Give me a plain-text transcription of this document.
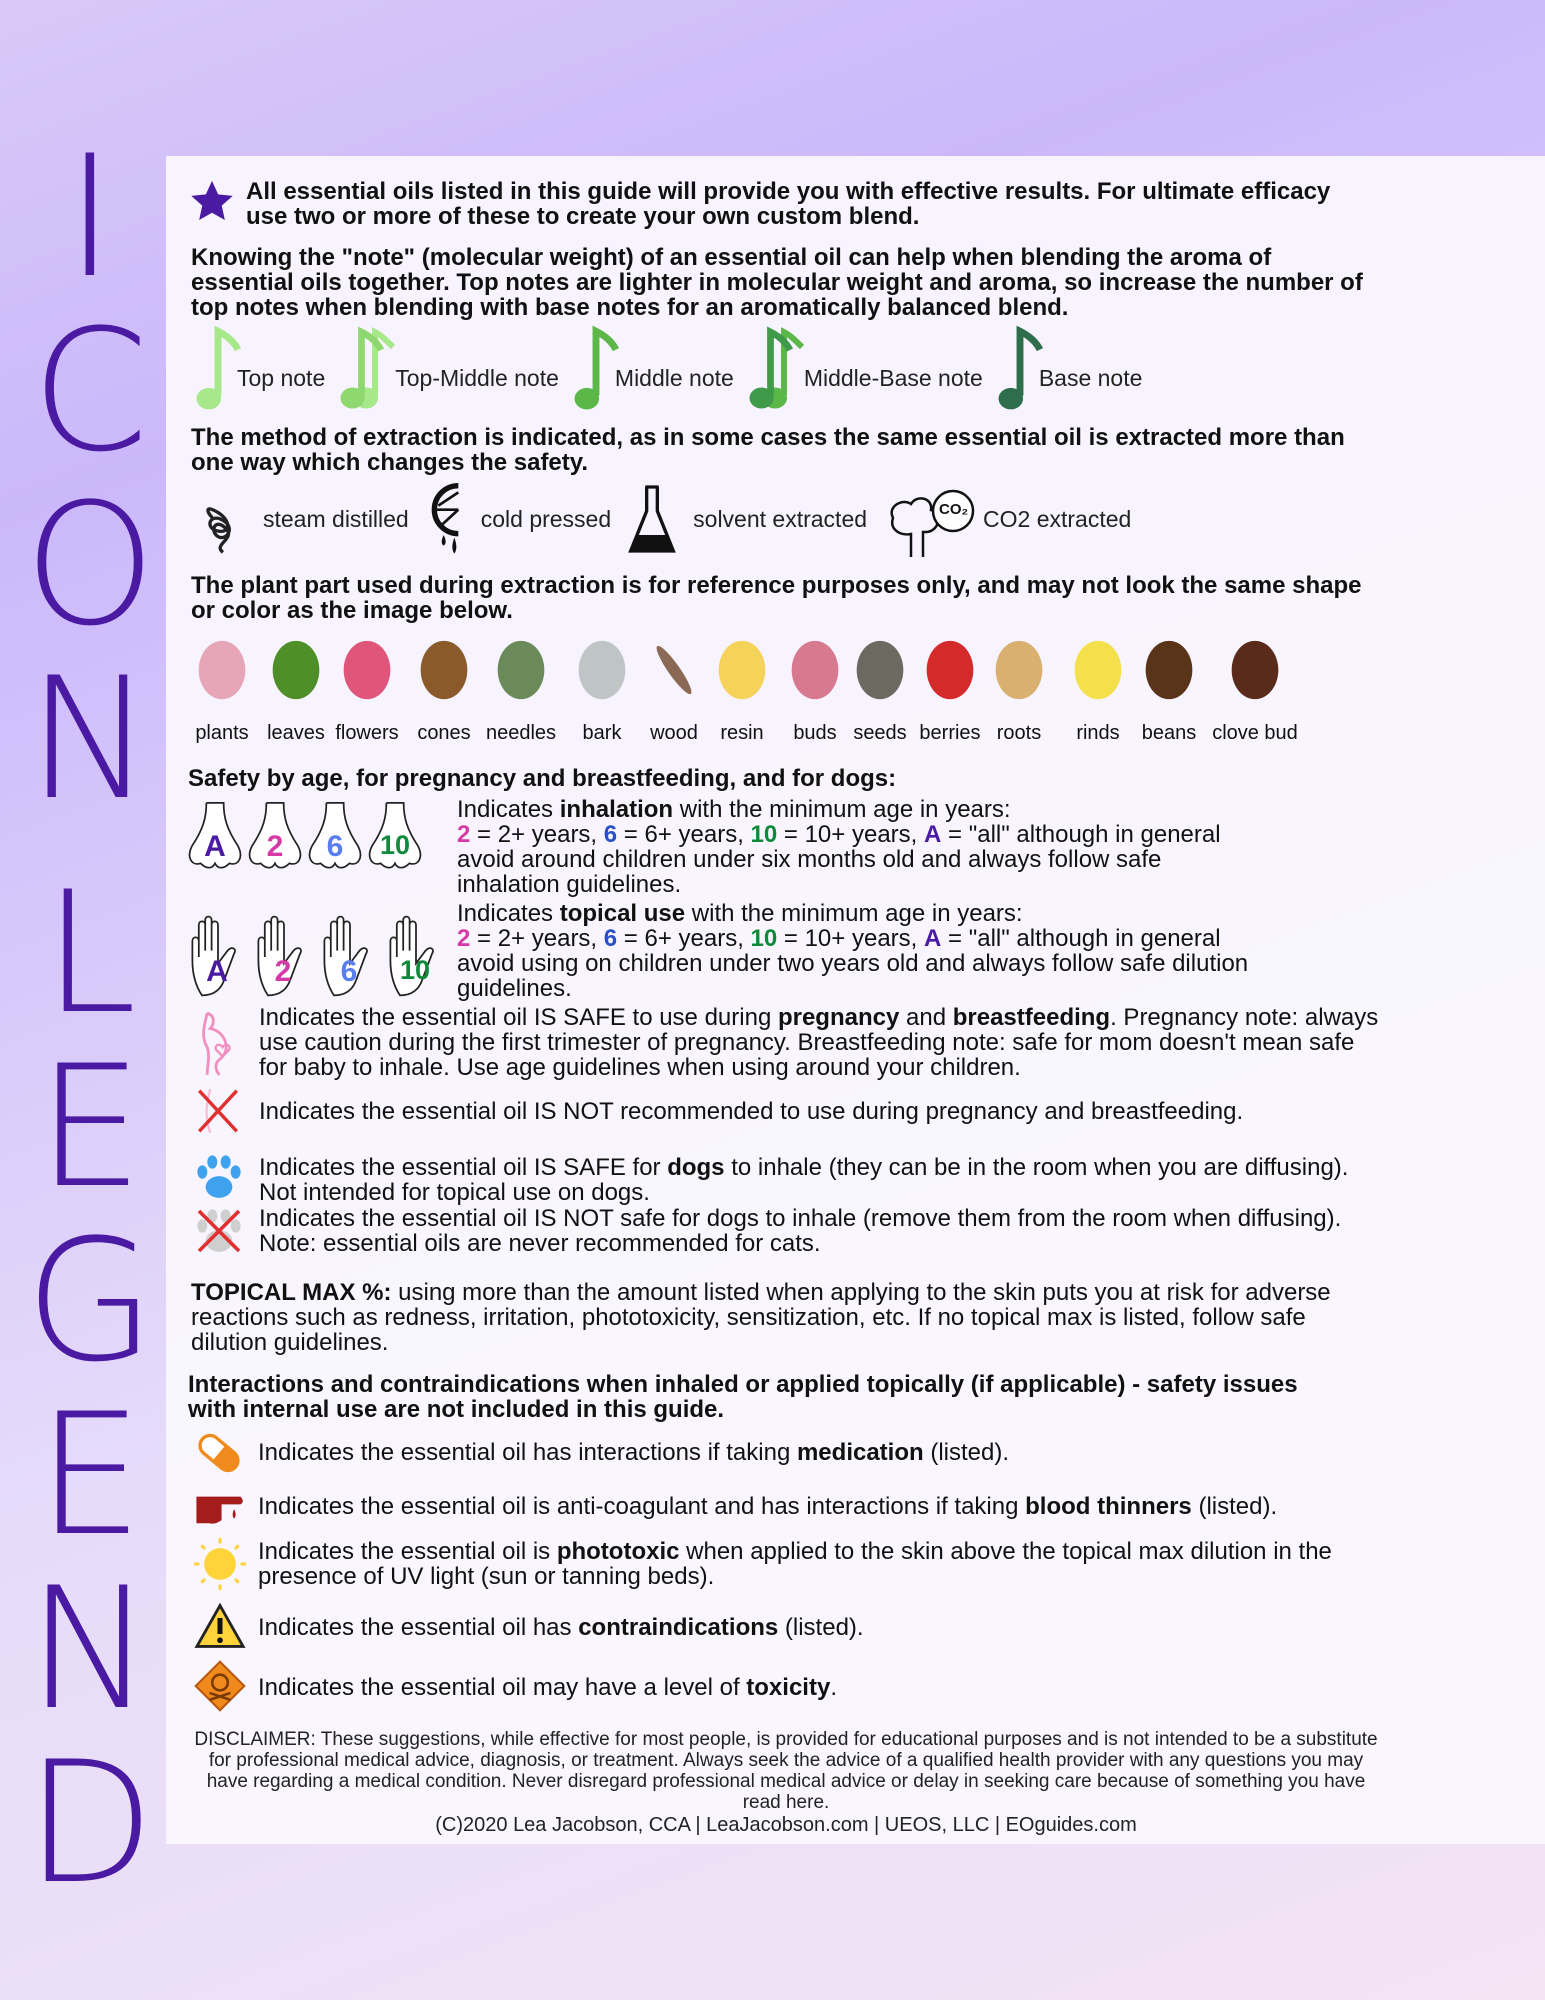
I
C
O
N
L
E
G
E
N
D
All essential oils listed in this guide will provide you with effective results. For ultimate efficacy use two or more of these to create your own custom blend.
Knowing the "note" (molecular weight) of an essential oil can help when blending the aroma of essential oils together. Top notes are lighter in molecular weight and aroma, so increase the number of top notes when blending with base notes for an aromatically balanced blend.
Top note	Top-Middle note Middle note	Middle-Base note Base note
The method of extraction is indicated, as in some cases the same essential oil is extracted more than one way which changes the safety.
steam distilled	cold pressed	solvent extracted	CO₂ CO2 extracted
The plant part used during extraction is for reference purposes only, and may not look the same shape or color as the image below.
plants leaves flowers cones needles	bark	wood	resin	buds seeds berries roots	rinds	beans clove bud
Safety by age, for pregnancy and breastfeeding, and for dogs:
A	2	6	10
Indicates inhalation with the minimum age in years:
2 = 2+ years, 6 = 6+ years, 10 = 10+ years, A = "all" although in general
avoid around children under six months old and always follow safe inhalation guidelines.
A	2	6	10
Indicates topical use with the minimum age in years:
2 = 2+ years, 6 = 6+ years, 10 = 10+ years, A = "all" although in general
avoid using on children under two years old and always follow safe dilution guidelines.
Indicates the essential oil IS SAFE to use during pregnancy and breastfeeding. Pregnancy note: always use caution during the first trimester of pregnancy. Breastfeeding note: safe for mom doesn't mean safe for baby to inhale. Use age guidelines when using around your children.
Indicates the essential oil IS NOT recommended to use during pregnancy and breastfeeding.
Indicates the essential oil IS SAFE for dogs to inhale (they can be in the room when you are diffusing). Not intended for topical use on dogs.
Indicates the essential oil IS NOT safe for dogs to inhale (remove them from the room when diffusing). Note: essential oils are never recommended for cats.
TOPICAL MAX %: using more than the amount listed when applying to the skin puts you at risk for adverse reactions such as redness, irritation, phototoxicity, sensitization, etc. If no topical max is listed, follow safe dilution guidelines.
Interactions and contraindications when inhaled or applied topically (if applicable) - safety issues with internal use are not included in this guide.
Indicates the essential oil has interactions if taking medication (listed).
Indicates the essential oil is anti-coagulant and has interactions if taking blood thinners (listed).
Indicates the essential oil is phototoxic when applied to the skin above the topical max dilution in the presence of UV light (sun or tanning beds).
Indicates the essential oil has contraindications (listed).
Indicates the essential oil may have a level of toxicity.
DISCLAIMER: These suggestions, while effective for most people, is provided for educational purposes and is not intended to be a substitute for professional medical advice, diagnosis, or treatment. Always seek the advice of a qualified health provider with any questions you may have regarding a medical condition. Never disregard professional medical advice or delay in seeking care because of something you have read here.
(C)2020 Lea Jacobson, CCA | LeaJacobson.com | UEOS, LLC | EOguides.com
